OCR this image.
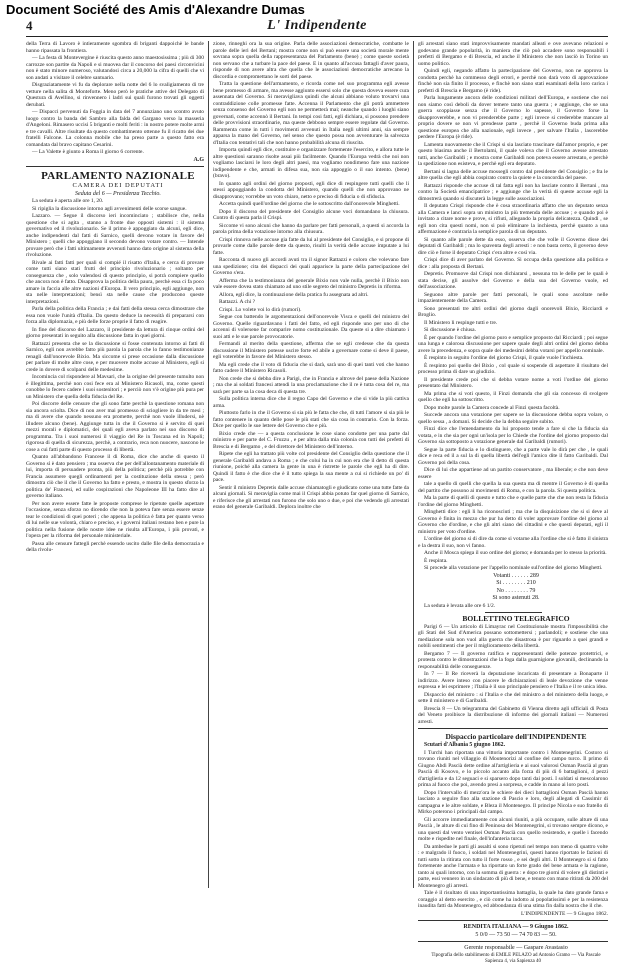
Document Société des Amis d'Alexandre Dumas
4	L' Indipendente

della Terra di Lavoro è intieramente sgombra di briganti dappoichè le bande hanno ripassata la frontiera.

— La festa di Montevergine è riuscita questo anno maestosissima ; più di 300 carrozze son partite da Napoli e si muovea dar il concorso dei paesi circonvicini non è stato minore numeroso, valutandosi circa a 20,000 la cifra di quelli che vi son andati a visitare il celebre santuario.

Disgraziatamente vi fu da deplorare nella notte del 6 lo svaligiamento di tre vetture nella salita di Monteforte. Meno però le pratiche attive del Delegato di Questura di Avellino, si rinvennero i ladri sui quali furono trovati gli oggetti derubati.

— Dispacci pervenuti da Foggia in data del 7 annunziano uno scontro avuto luogo contro la banda del Sambro alla falda del Gargano verso la masseria d'Angeloni. Rimasero uccisi 5 briganti e molti feriti : in nostro potere molte armi e tre cavalli. Altre risultate da questo combattimento ottenne fu il ricatto dei due fratelli Falcone. La colonna mobile che ha preso parte a questo fatto era comandata dal bravo capitano Cesarini.

— La Valette è giunto a Roma il giorno 6 corrente.

A.G

PARLAMENTO NAZIONALE

CAMERA DEI DEPUTATI

Seduta del 6 — Presidenza Tecchio.

La seduta è aperta alle ore 1, 20.

Si ripiglia la discussione intorno agli avvenimenti delle scorse sangue.

Lazzaro. — Segue il discorso ieri incominciato ; stabilisce che, nella questione che si agita , stanno a fronte due opposti sistemi : il sistema governativo ed il rivoluzionario. Se il primo è appoggiato da alcuni, egli dice, anche indipendenti dal fatti di Sarnico, quelli devono votare in favore del Ministero ; quelli che appoggiano il secondo devono votare contro. — Intende provare però che i fatti ultimamente avvenuti hanno dato origine al sistema della rivoluzione.

Rivale ai fatti fatti per quali si compié il risatto d'Italia, e cerca di provare come tutti siano stati frutti del principio rivoluzionario ; soltanto per conseguenza che , solo valendosi di questo principio, si potrà compiere quello che ancora non è fatto. Disapprova la politica della paura, perchè essa ci fa poco amare in faccia alle altre nazioni d'Europa. Il vero principio, egli aggiunge, non sta nelle interpretazioni; bensì sta nelle cause che producono queste interpretazioni.

Parla della politica della Francia ; e dai fatti della stessa cerca dimostrare che essa non vuole l'unità d'Italia. Da questo deduce la necessità di prepararsi con forza alla diplomazia, e più delle forze proprie il fatto di reagire.

In fine del discorso del Lazzaro, il presidente da lettura di cinque ordini del giorno presentati in seguito alla discussione fatta in quei giorni.

Rattazzi presenta che se la discussione si fosse contenuta intorno ai fatti di Sarnico, egli non avrebbe fatto più parola la parola che lo fanno testimonianze renagli dall'onorevole Bixio. Ma siccome si prese occasione dalla discussione per parlare di molte altre cose, e per muovere molte accuse al Ministero, egli si crede in dovere di scolparsi delle medesime.

Incomincia col rispondere al Mavsari, che la origine del presente tumulto non è illegittima, perchè non cosi fece era al Ministero Ricasoli, ma, come questi conobbe lo fecero cadere i suoi sostenitori ; e perciò non v'è origine più pura per un Ministero che quella della fiducia del Re.

Poi discorre delle censure che gli sono fatte perchè la questione romana non sia ancora sciolta. Dice di non aver mai promesso di sciogliere in da tre mesi ; ma di avere che quando nessuno era promette, perchè non vuole illudersi, nè illudere alcuno (bene). Aggiunge tutta in che il Governo si è servito di quei mezzi morali e diplomatici, dei quali egli aveva parlato nei suo discorso di programma. Tra i suoi numerosi il viaggio del Re in Toscana ed in Napoli; rigorosa di quella di sicurezza, perchè, a contrario, reca non nuocere, nascono le cose a cui fatti parte di questo processo di libertà.

Quanto all'abbandono Francese il di Roma, dice che anche di questo il Governo sì è dato pensiero ; ma osserva che per dell'allontanamento materiale di lui, importa di persuadere pronta, più della politica; perchè più potrebbe con Francia assumere quegli ordinamenti per la costituzione della stessa ; però dimostra ciò che il che il Governo ha fatto e presto, e mostra in questo sforzo la politica de' Francesi, ed sulle cospirazioni che Napoleone III ha fatto dire al governo italiano.

Per non avere essere fatte le proposte comprese le ripetute quelle aspettare l'occasione, senza sforzo no dicendo che non la poteva fare senza essere senze tear le condizioni di quei poteri ; che appena la politica è fatta per quanto verso di lui nelle sue volontà, chiaro e preciso, e i governi italiani restano ben e pure la politica nella fusione delle nostre idee ne risulta all'Europa, i più provati, e l'opera per la riforma del personale ministeriale.

Passa alle censure fattegli perchè essendo uscito dalle file della democrazia e della rivolu-

zione, rinneghi ora la sua origine. Parla delle associazioni democratiche, combatte le parole delle ieri del Bertani; mostra come non si può essere una società morale mente sovrana sopra quella della rappresentanza del Parlamento (bene) ; come queste società non servano che a turbare la pace del paese. E in quanto all'accusa fattagli d'aver paura, risponde di non avere altra che quella che le associazioni democratiche arrecano la discordia e compromettano le sorti del paese.

Tratta la questione dell'armamento, e ricorda come nel suo programma egli avesse bene promesso di armare, ma avesse aggiunto essersi solo che questa doveva essere cura assennata del Governo. Si meravigliava quindi che alcuni abbiano voluto trovarvi una contraddizione colle promesse fatte. Accenna il Parlamento che gli potrà ammettere senza consenso del Governo egli non ne permetterà mai; neanche quando i luoghi siano governati, come accennò il Bertani. In tempi cosi fatti, egli dichiara, si possono prendere delle provvisioni straordinarie, ma queste debbono sempre essere regolate dal Governo. Rammenta come in tutti i movimenti avvenuti in Italia negli ultimi anni, sia sempre apparsa la mano del Governo, nel senso che questo possa non avventurare la salvezza d'Italia con tentativi tali che non hanno probabilità alcuna di riuscita.

Importa quindi egli dice, costituire e organizzare fortemente l'esercito, e allora tutte le altre questioni saranno risolte assai più facilmente. Quando l'Europa vedrà che noi non vogliamo lasciarsi le loro degli altri paesi, ma vogliamo nondimeno fare una nazione indipendente e che, armati in difesa sua, non sia appoggio o il suo intento. (bene) (bravo).

In quanto agli ordini del giorno proposti, egli dice di respingere tutti quelli che li stessi appoggiando la condotta del Ministero, quando quelli che non approvano ne disapprovano; vorrebbe un voto chiaro, netto e preciso di fiducia o di sfiducia.

Accetta quindi quell'ordine del giorno che le sottoscritto dall'onorevole Minghetti.

Dopo il discorso del presidente del Consiglio alcune voci domandano la chiusura. Contro di questa parla il Crispi.

Siccome vi sono alcuni che hanno da parlare per fatti personali, a questi si accorda la parola prima della votazione intorno alla chiusura.

Crispi rinnova nelle accuse gia fatte da lui al presidente del Consiglio, e si propone di provarle come dalle parole dette da questo, risulti la verità delle accuse imputate a lui fatte.

Racconta di nuovo gli accordi avuti tra il signor Rattazzi e coloro che volevano fare una spedizione; cita dei dispacci dei quali apparisce la parte della partecipazione del Governo s'era.

Afferma che la testimonianza del generale Bixio non vale nulla, perchè il Bixio non vale essere dovea stato chiamato ad uno stile segreto del ministro Depretis in riforma.

Allora, egli dice, la continuazione della pratica fu assegnata ad altri.

Rattazzi. A chi ?

Crispi. Lo volete voi lo dirà (rumori).

Segue con battendo le argomentazioni dell'onorevole Visca e quelli del ministro del Governo. Quelle riguardavano i fatti del fatto, ed egli risponde uno per uno di che accenni di volersene far comparire nomo costituzionale. Da queste si a dire chiamato i suoi atti e le sue parole provocatorie.

Fermandi al merito della questione, afferma che se egli credesse che da questa discussione il Ministero potesse uscire forte ed abile a governare come si deve il paese, egli voterebbe in favore del Ministero stesso.

Ma egli crede che il voto di fiducia che si darà, sarà uno di quei tanti voti che hanno fatto cadere il Ministero Ricasoli.

Non crede che si debba dire a Parigi, che in Francia e altrove del paese della Nazione ; ma che ai soldati francesi attendi la una proclamazione che il re è tutta cosa del re, ma sarà per parte sa la cosa deca di questa tre.

Sulla politica interna dice che il regno Capo del Governo e che si vide la più cattiva arma.

Piuttosto farlo in che il Governo si sia più le fatta che che, di tutti l'amore si sia più le fatto contenere in quanto delle pose le più stati che sia cosa in contrario. Con la forza. Dice per quello le sue lettere del Governo che e più.

Bixio crede che — a questa conclusione le cose siano condotte per una parte dal ministro e per parte del C. Fruzzu , e per altra dalla mia colonia con tutti dei prefetti di Brescia e di Bergamo , e del direttore del Ministero dell'interno.

Ripete che egli ha trattato più volte col presidente del Consiglio della questione che il generale Garibaldi andava a Roma ; e che colui ha in cui non era che il detto di questa riunione, poiché alla camera la gente in una è ristrette le parole che egli ha di dire. Quindi il fatto è che dice che è il tutto spiega la sua mente a cui si richiede un po' di pace.

Sentir il ministro Depretis dalle accuse chiamatogli e giudicato come una tutte fatte da alcuni giornali. Si meraviglia come mai il Crispi abbia potuto far quel giorno di Sarnico, e riferisce che gli arrestati non furono che solo uno o due, e poi che vedendo gli arrestati erano del generale Garibaldi. Deplora inoltre che

gli arrestati siano stati improvvisamente mandati alleati e ove avevano relazioni e godevano grande popolarità, in maniera che ciò può accadere sono responsabili i prefetti di Bergamo e di Brescia, ed anche il Ministero che non lasciò in Torino un uomo politico.

Quindi egli, negando affatto la partecipazione del Governo, non ne approva la condotta perchè ha commesso degli errori, e perchè non darà voto di approvazione finchè non sia finito il processo, e finchè non siano stati esaminati della loro carica i prefetti di Brescia e Bergamo (è ride).

Parla lungamente ancora delle condizioni militari dell'Europa, e sostiene che noi non siamo così deboli da dover temere tanto una guerra ; e aggiunge, che se una guerra scoppiasse senza che il Governo lo sapesse, il Governo forse la disapproverebbe, e non vi prenderebbe parte ; egli invece si crederebbe mancare al proprio dovere se non vi prendesse parte , perchè il Governo buda prima alla questione europea che alla nazionale, egli invece , per salvare l'Italia , lascerebbe perdere l'Europa (è ride).

Lamenta nuovamente che il Crispi si sia lasciato trascinare dall'amor proprio, e per questo biasima anche il Bertolami, il quale voleva che il Governo avesse arrestato tutti, anche Garibaldi ; e mostra come Garibaldi non poteva essere arrestato, e perchè la spedizione non esisteva, e perchè egli era deputato.

Bertani si lagna delle accuse mossegli contro dal presidente del Consiglio ; e fra le altre quella che egli abbia cospirato contro la quiete e la concordia del paese.

Rattazzi risponde che accuse di tal fatta egli non ha lasciate contro il Bertani , ma contro la Società emancipatrice ; e aggiunge che la verità di queste accuse egli la dimostrerà quando si discuterà la legge sulle associazioni.

Il deputato Crispi risponde che è cosa straordinaria affatto che un deputato senza alla Camera e lanci sopra un ministro la più tremenda delle accuse ; e quando poi è invitato a citare nome e prove, si rifiuti, allegando la propria delicatezza. Quindi , se egli non cita questi nomi, non si può eliminare la inchiesta, perchè quanto a una affermazione è contraria la semplice parola di un deputato.

Si quanto alle parole dette da esso, osserva che che volle il Governo disse dei deputati di Garibaldi ; ma lo spaventa degli arresti : e non basta certo, il governo deve dire ciò e forse il deputato Crispi c'era altre e così via.

Crispi dice di aver parlato del Governo. Si occupa della questione alla politica e dice : alla proposta di Bertani.

Depretis. Promuove dal Crispi non dichiararsi , nessuna tra le delle per le quali è stata decise, gli assolve del Governo e della sua del Governo vuole, ed dell'associazione.

Seguono altre parole per fatti personali, le quali sono ascoltate nelle impazientemente della Camera.

Sono presentati tre altri ordini del giorno dagli onorevoli Bixio, Ricciardi e Broglio.

Il Ministero li respinge tutti e tre.

Si discussione è chiusa.

È per quando l'ordine del giorno puro e semplice proposto dal Ricciardi ; poi segue una lunga e calorosa discussione per sapere quale degli altri ordini del giorno debba avere la precedenza, e sopra quale dei medesimi debba votarsi per appello nominale.

È respinto in seguito l'ordine del giorno Crispi, il quale vuole l'inchiesta.

È respinto poi quello del Bixio , col quale si sospende di aspettare il risultato del processo prima di dare un giudizio.

Il presidente crede poi che si debba votare nome a voti l'ordine del giorno presentato dal Ministero.

Ma prima che si voti questo, il Finzi domanda che gli sia concesso di svolgere quello che egli ha sottoscritto.

Dopo molte parole la Camera concede al Finzi questa facoltà.

Succede ancora una votazione per sapere se la discussione debba sopra volare, o quello sessa , a domani. Si decide che la debba seguire subito.

Finzi dice che l'emendamento da lui proposto tende a fare si che la fiducia sia votata, e in che sia per ogni un'isola per lo Chiede che l'ordine del giorno proposto dal Governo sia sottoposto a votazione generale dal Garibaldi (rumori).

Segue la parte fiducia e lo distinguere, che a parte vale lo dirà per che , le quali dice e reca ed il a sul la di quella libertà dell'egli l'amico dite il fatto Garibaldi. Dal Governo poi della cosa.

Dice di lui che appartiene ad un partito conservatore , ma liberale; e che non deve essere

tale a quello di quelli che quella la sua questa ma di mentre il Governo è di quella del partito che possono ai movimenti di Roma, e con la parola. Si questa politica.

Ma la parte di quelli di questo e tutto che e quelle parte che che non resta la fiducia l'ordine del giorno Minghetti.

Minghetti dice : egli li ha riconosciuti ; ma che la disquisizione che si si deve al Governo è finita in mezzo che pur ha detto di voler approvare l'ordine del giorno al Governo che d'ordine, e che gli altri siano dei cittadini e che questi deputati, egli il ministro per voto d'ordine.

L'ordine del giorno si di dire da come si votarne alla l'ordine che si è fatto il sinistra e la destra il suo, non vi fanno.

Anche il Mosca spiega il suo ordine del giorno; e domanda per lo stesso la priorità.

È respinta.

Si procede alla votazione per l'appello nominale sull'ordine del giorno Minghetti.

Votanti . . . . . . 289

Si . . . . . . . . 210

No . . . . . . . . 79

Si sono astenuti 28.

La seduta è levata alle ore 6 1/2.

BOLLETTINO TELEGRAFICO

Parigi 6 — Un articolo di Limayrac nel Costituzionale mostra l'impossibilità che gli Stati del Sud d'America possano sottomettersi ; parlandoli; e sostiene che una mediazione sola non vuol alla guerra che disastrosa è pur riguardo a quei grandi e nobili sentimenti che per il miglioramento della libertà.

Bergamo 7 — Il governo ratifica e rappresentanti delle potenze protettrici, e protesta contro le dimostrazioni che la foga dalla guarnigione giovanili, declinando la responsabilità delle conseguenze.

In 7 — Il Re riceverà la deputazione incaricata di presentare a Bonaparte il indirizzo. Avere inteso con piacere le dichiarazioni di leale devozione che venne espressa e lei esprimere ; l'Italia è il suo principale pensiero e l'Italia e il re unica idea.

Dispaccio del ministro : si l'Italia e che del ministro a del ministero della luogo, e sette il ministero e di Garibaldi.

Brescia 8 — Un telegramma del Gabinetto di Vienna diretto agli ufficiali di Posta del Veneto proibisce la distribuzione di informo dei giornali italiani — Numerosi arresti.

Dispaccio particolare dell'INDIPENDENTE

Scutari d'Albania 5 giugno 1862.

I Turchi han riportata una vittoria importante contro i Montenegrini. Costoro si trovano riuniti nel villaggio di Moutenorizi al confine del campo turco. Il primo di Giugno Abdi Pascià dette ordine all'artiglieria e ai suoi valorosi Osman Pascià al gran Pascià di Kosovo, e lo piccolo accanto alla forza di più di 6 battaglioni, 4 pezzi d'artiglieria e da 12 seguaci e si sparsero dopo tanti dai posti. I soldati si mescolarono prima al fuoco che poi, avendo presi a sorpresa, e cadde in mano ai loro posti.

Dopo l'intervallo di mezz'ora le schiere dei dieci battaglioni Osman Pascià hanno lasciato a seguire fino alla stazione di Pascio e loro, degli allegati di Cassimir di campagna e le altre soldate, e Bleza il Montenegro. Il principe Nicola e suo fratello di Mirko poterono i principali dal campo.

Gli accorre immediatamente con alcuni riuniti, a più occupare, sulle alture di una Pascià , le alture di cui fino di Peninosa dei Montenegrini, si trovano sempre dicono, e una questi dal vento ventisei Osman Pascià con quello resistendo, e quelle i facendo molte e rispedite nel finale, dell'infanteria turca.

Da ambedue le parti gli assalti si sono ripetuti nel tempo non meno di quattro volte : e malgrado il fuoco, i soldati nel Montenegrini, questi hanno riportato le fazioni di tutti sotto la ritirata con tutto il forte rosso , e sei degli altri. Il Montenegro si si fatto fortemente anche l'armata e ha riportato un forte grado del bene armata e la ragione, tanto ai quali intorno, con la somma di guerra : e dopo tre giorni di volere gli distinti e parte, essi vennero in un sindacato di più di bene, e tenuto con mano ritirati da 200 del Montenegro gli arresti.

Tale è il risultato di una importantissima battaglia, la quale ha dato grande fama e coraggio al detto esercito , e ciò come ha indotto ai popolatissimi e per la resistenza inaudita fatti da Montenegro, ed abbondanza di una stima fin dalla nostra che il che.

L'INDIPENDENTE — 9 Giugno 1862.

RENDITA ITALIANA — 9 Giugno 1862.

5 0/0 — 73 50 — 74 70 83 — 50.

Gerente responsabile — Gaspare Avastasio

Tipografia dello stabilimento di EMILE PELAZO ad Antonio Gramo — Via Pascale Sapienza 4, via Sapienza 40
